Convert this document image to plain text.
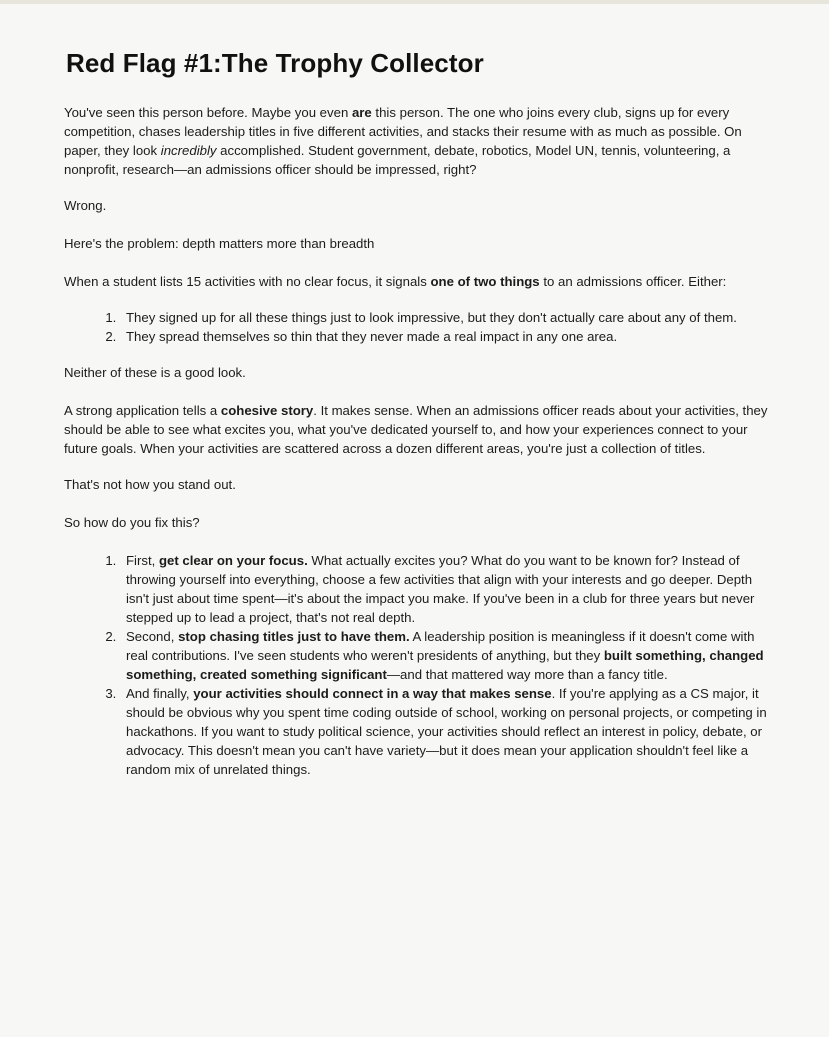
Red Flag #1:The Trophy Collector

You've seen this person before. Maybe you even are this person. The one who joins every club, signs up for every competition, chases leadership titles in five different activities, and stacks their resume with as much as possible. On paper, they look incredibly accomplished. Student government, debate, robotics, Model UN, tennis, volunteering, a nonprofit, research—an admissions officer should be impressed, right?

Wrong.

Here's the problem: depth matters more than breadth

When a student lists 15 activities with no clear focus, it signals one of two things to an admissions officer. Either:

1. They signed up for all these things just to look impressive, but they don't actually care about any of them.
2. They spread themselves so thin that they never made a real impact in any one area.

Neither of these is a good look.

A strong application tells a cohesive story. It makes sense. When an admissions officer reads about your activities, they should be able to see what excites you, what you've dedicated yourself to, and how your experiences connect to your future goals. When your activities are scattered across a dozen different areas, you're just a collection of titles.

That's not how you stand out.

So how do you fix this?

1. First, get clear on your focus. What actually excites you? What do you want to be known for? Instead of throwing yourself into everything, choose a few activities that align with your interests and go deeper. Depth isn't just about time spent—it's about the impact you make. If you've been in a club for three years but never stepped up to lead a project, that's not real depth.
2. Second, stop chasing titles just to have them. A leadership position is meaningless if it doesn't come with real contributions. I've seen students who weren't presidents of anything, but they built something, changed something, created something significant—and that mattered way more than a fancy title.
3. And finally, your activities should connect in a way that makes sense. If you're applying as a CS major, it should be obvious why you spent time coding outside of school, working on personal projects, or competing in hackathons. If you want to study political science, your activities should reflect an interest in policy, debate, or advocacy. This doesn't mean you can't have variety—but it does mean your application shouldn't feel like a random mix of unrelated things.
